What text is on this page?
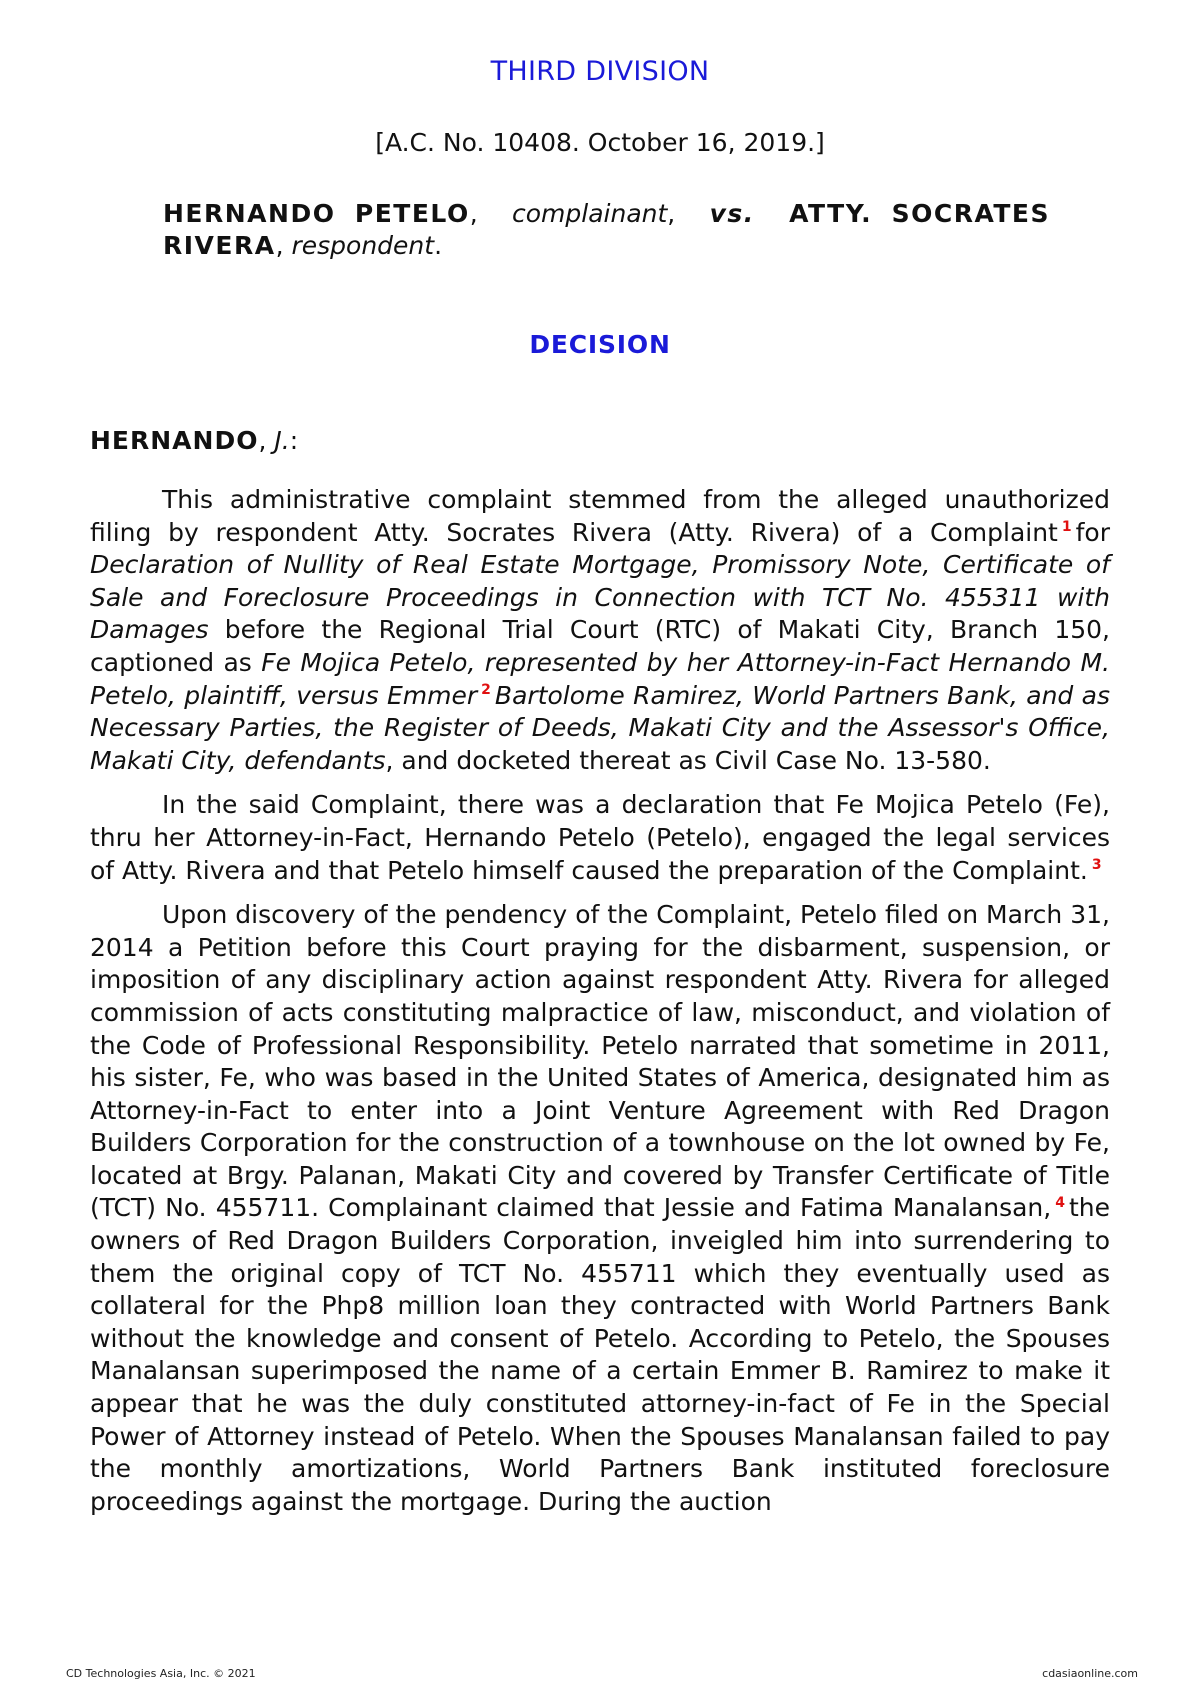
THIRD DIVISION
[A.C. No. 10408. October 16, 2019.]
HERNANDO PETELO,  complainant,  vs. ATTY. SOCRATES RIVERA, respondent.
DECISION
HERNANDO, J.:

This administrative complaint stemmed from the alleged unauthorized filing by respondent Atty. Socrates Rivera (Atty. Rivera) of a Complaint $^1$ for Declaration of Nullity of Real Estate Mortgage, Promissory Note, Certificate of Sale and Foreclosure Proceedings in Connection with TCT No. 455311 with Damages before the Regional Trial Court (RTC) of Makati City, Branch 150, captioned as Fe Mojica Petelo, represented by her Attorney-in-Fact Hernando M. Petelo, plaintiff, versus Emmer $^2$ Bartolome Ramirez, World Partners Bank, and as Necessary Parties, the Register of Deeds, Makati City and the Assessor's Office, Makati City, defendants, and docketed thereat as Civil Case No. 13-580.

In the said Complaint, there was a declaration that Fe Mojica Petelo (Fe), thru her Attorney-in-Fact, Hernando Petelo (Petelo), engaged the legal services of Atty. Rivera and that Petelo himself caused the preparation of the Complaint. $^3$

Upon discovery of the pendency of the Complaint, Petelo filed on March 31, 2014 a Petition before this Court praying for the disbarment, suspension, or imposition of any disciplinary action against respondent Atty. Rivera for alleged commission of acts constituting malpractice of law, misconduct, and violation of the Code of Professional Responsibility. Petelo narrated that sometime in 2011, his sister, Fe, who was based in the United States of America, designated him as Attorney-in-Fact to enter into a Joint Venture Agreement with Red Dragon Builders Corporation for the construction of a townhouse on the lot owned by Fe, located at Brgy. Palanan, Makati City and covered by Transfer Certificate of Title (TCT) No. 455711. Complainant claimed that Jessie and Fatima Manalansan, $^4$ the owners of Red Dragon Builders Corporation, inveigled him into surrendering to them the original copy of TCT No. 455711 which they eventually used as collateral for the Php8 million loan they contracted with World Partners Bank without the knowledge and consent of Petelo. According to Petelo, the Spouses Manalansan superimposed the name of a certain Emmer B. Ramirez to make it appear that he was the duly constituted attorney-in-fact of Fe in the Special Power of Attorney instead of Petelo. When the Spouses Manalansan failed to pay the monthly amortizations, World Partners Bank instituted foreclosure proceedings against the mortgage. During the auction

CD Technologies Asia, Inc. © 2021	cdasiaonline.com
